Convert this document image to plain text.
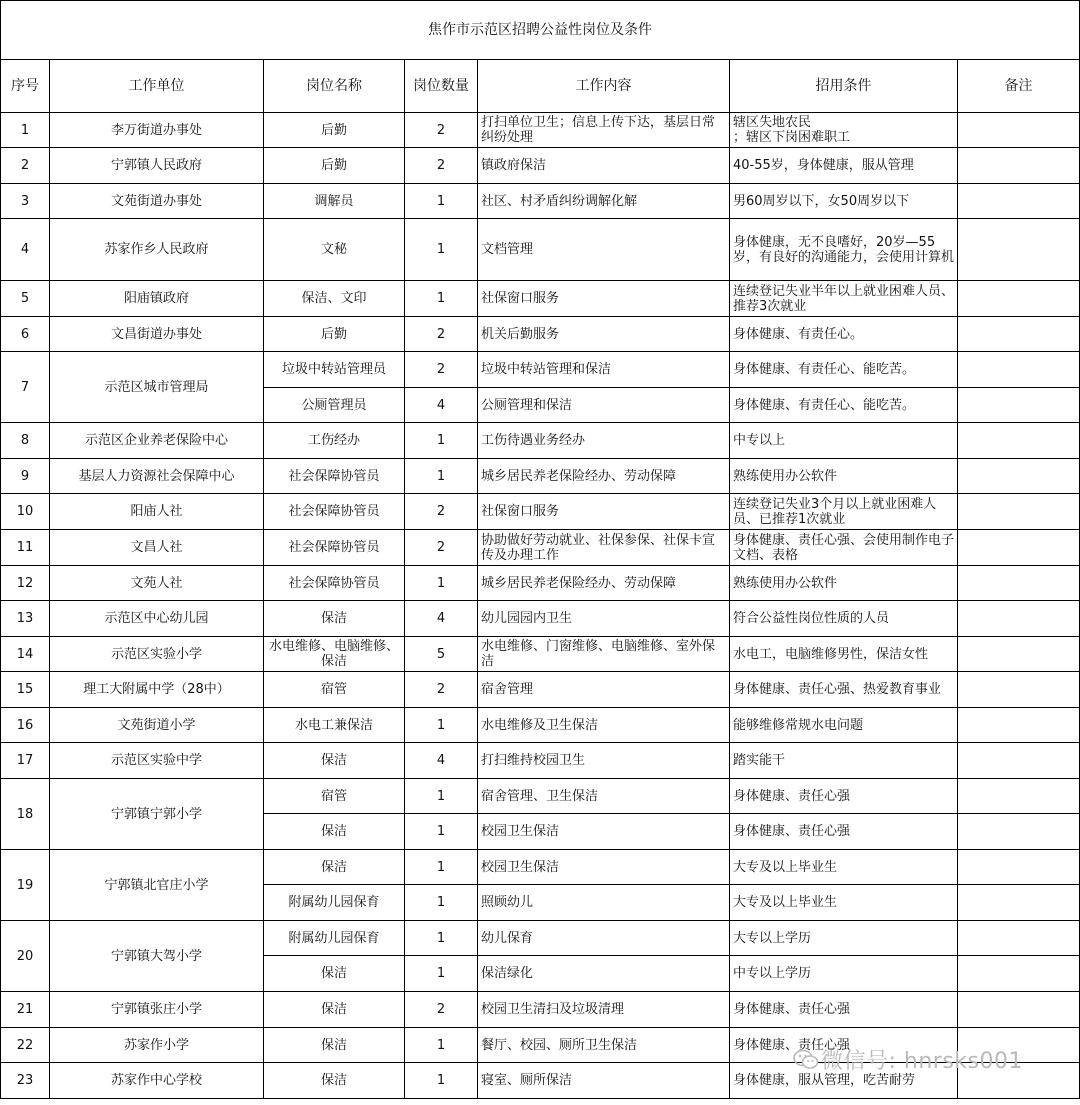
焦作市示范区招聘公益性岗位及条件						
序号	工作单位	岗位名称	岗位数量	工作内容	招用条件	备注
1	李万街道办事处	后勤	2	打扫单位卫生；信息上传下达，基层日常纠纷处理	辖区失地农民
；辖区下岗困难职工	
2	宁郭镇人民政府	后勤	2	镇政府保洁	40-55岁，身体健康，服从管理	
3	文苑街道办事处	调解员	1	社区、村矛盾纠纷调解化解	男60周岁以下，女50周岁以下	
4	苏家作乡人民政府	文秘	1	文档管理	身体健康，无不良嗜好，20岁—55岁，有良好的沟通能力，会使用计算机	
5	阳庙镇政府	保洁、文印	1	社保窗口服务	连续登记失业半年以上就业困难人员、推荐3次就业	
6	文昌街道办事处	后勤	2	机关后勤服务	身体健康、有责任心。	
7	示范区城市管理局	垃圾中转站管理员	2	垃圾中转站管理和保洁	身体健康、有责任心、能吃苦。	
		公厕管理员	4	公厕管理和保洁	身体健康、有责任心、能吃苦。	
8	示范区企业养老保险中心	工伤经办	1	工伤待遇业务经办	中专以上	
9	基层人力资源社会保障中心	社会保障协管员	1	城乡居民养老保险经办、劳动保障	熟练使用办公软件	
10	阳庙人社	社会保障协管员	2	社保窗口服务	连续登记失业3个月以上就业困难人员、已推荐1次就业	
11	文昌人社	社会保障协管员	2	协助做好劳动就业、社保参保、社保卡宣传及办理工作	身体健康、责任心强、会使用制作电子文档、表格	
12	文苑人社	社会保障协管员	1	城乡居民养老保险经办、劳动保障	熟练使用办公软件	
13	示范区中心幼儿园	保洁	4	幼儿园园内卫生	符合公益性岗位性质的人员	
14	示范区实验小学	水电维修、电脑维修、保洁	5	水电维修、门窗维修、电脑维修、室外保洁	水电工，电脑维修男性，保洁女性	
15	理工大附属中学（28中）	宿管	2	宿舍管理	身体健康、责任心强、热爱教育事业	
16	文苑街道小学	水电工兼保洁	1	水电维修及卫生保洁	能够维修常规水电问题	
17	示范区实验中学	保洁	4	打扫维持校园卫生	踏实能干	
18	宁郭镇宁郭小学	宿管	1	宿舍管理、卫生保洁	身体健康、责任心强	
		保洁	1	校园卫生保洁	身体健康、责任心强	
19	宁郭镇北官庄小学	保洁	1	校园卫生保洁	大专及以上毕业生	
		附属幼儿园保育	1	照顾幼儿	大专及以上毕业生	
20	宁郭镇大驾小学	附属幼儿园保育	1	幼儿保育	大专以上学历	
		保洁	1	保洁绿化	中专以上学历	
21	宁郭镇张庄小学	保洁	2	校园卫生清扫及垃圾清理	身体健康、责任心强	
22	苏家作小学	保洁	1	餐厅、校园、厕所卫生保洁	身体健康、责任心强	
23	苏家作中心学校	保洁	1	寝室、厕所保洁	身体健康，服从管理，吃苦耐劳	
微信号: hnrsks001
